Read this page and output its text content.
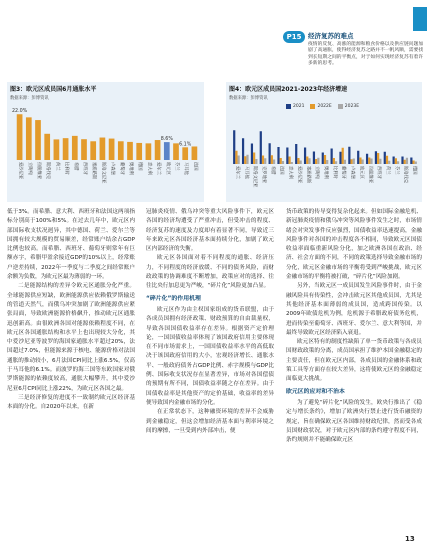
P15	经济复苏的难点
疫情的反复、高涨的能源和粮食价格以及供应链问题加剧了高通胀，使得经济复苏之路并不一帆风顺，需要找到长短期之间的平衡点，对于如何实现经济复苏有着许多新的思考。
图3：欧元区成员国6月通胀水平
数据来源：彭博资讯
爱沙尼亚 立陶宛 拉脱维亚 斯洛伐克 荷兰 比利时 希腊 西班牙 塞浦路斯 斯洛文尼亚 卢森堡 葡萄牙 奥地利 德国 意大利 爱尔兰 欧元区 芬兰 马耳他 法国
22.0%
8.6%
6.1%
图4：欧元区成员国2021-2023年经济增速
数据来源：彭博资讯
2021	2022E	2023E
爱尔兰 马耳他 斯洛文尼亚 克罗地亚 希腊 法国 意大利 爱沙尼亚 塞浦路斯 立陶宛 奥地利 比利时 葡萄牙 卢森堡 欧元区 拉脱维亚 西班牙 荷兰 芬兰 斯洛伐克 德国

低于3%。而希腊、意大利、西班牙和法国这两项指标分别高于100%和5%。在过去几年中，欧元区内部国际收支状况迥异，其中德国、荷兰、爱尔兰等国拥有较大规模的贸易顺差，经常账户结余占GDP比例也较高。而希腊、西班牙、葡萄牙则常年有巨额赤字，希腊甲盈余接近GDP的10%以上，经常账户逆差持续，2022年一季度与二季度之间经常账户余额为负数，为欧元区最为薄弱的一环。

二是能源结构的差异令欧元区通胀分化严重。全球能源供应短缺，欧洲能源供应依赖俄罗斯输送的管道天然气，而俄乌冲突加剧了欧洲能源供应紧张局面，导致欧洲能源价格飙升，推动欧元区通胀迅创新高。由很欧洲各国对能源依赖程度不同，在欧元区各国通胀结构和水平上也出现较大分化，其中爱沙尼亚等波罗的海国家通胀水平超过20%，法国超过7.0%，但能源来源于核电、能源价格对法国通胀的推动较小，6月法国CPI同比上涨6.5%，仅高于马耳他的6.1%。而波罗的海三国等东欧国家对俄罗斯能源的依赖度较高，通胀大幅攀升，其中爱沙尼亚6月CPI同比上涨22%，为欧元区各国之最。

三是经济修复的进度不一致制约欧元区经济基本面的分化。自2020年以来，在新

冠肺炎疫情、俄乌冲突等重大风险事件下，欧元区各国的经济均遭受了严重冲击，但受冲击的程度、经济复苏的速度及力度却有着显著不同，导致近三年来欧元区各国经济基本面持续分化，加剧了欧元区内部经济的失衡。

欧元区各国面对着不同程度的通胀、经济压力，不同程度的经济放缓、不同的债务风险，而财政政策的协调难度不断增加，政策应对的选择、往往比央行加息更为严峻，“碎片化”风险更加凸显。

“碎片化”的作用机理

欧元区作为由主权国家组成的货币联盟，由于各成员国拥有经济政策、财政预算的自由裁量权，导致各国国债收益率存在差异。根据资产定价理论，一国国债收益率体现了该国政府信用主要体现在不同市场需求上，一国国债收益率水平的高低取决于该国政府信用的大小，宏观经济增长、通胀水平、一般政府债务占GDP比例、赤字规模与GDP比例、国际收支状况存在显著差异，市场对各国偿债的预期有所不同，国债收益率随之存在差异。由于国债收益率是其他资产的定价基础，收益率的差异便导致国内金融市场的分化。

在正常状态下，这种融资环境的差异不会威胁到金融稳定，但这会增加经济基本面与利率环境之间的摩擦，一旦受到内外部冲击，便

货币政策的传导变得复杂化起来。但如国际金融危机、新冠肺炎疫情和俄乌冲突等风险事件发生之时，市场情绪会对突发事件反应强烈，国债收益率迅速提高，金融风险事件对各国的冲击程度各不相同，导致欧元区国债收益率面临重新风险分化，加之欧洲各国在政治、经济、社会方面的不同，不同的政策选择导致金融市场的分化，欧元区金融市场的平衡将受到严峻挑战，欧元区金融市场的平衡将被打破，“碎片化”风险加剧。

另外，当欧元区一成员国发生风险事件时，由于金融风险具有传染性，会冲击欧元区其他成员国，尤其是其他经济基本面薄弱的成员国，造成跨国传染。以2009年欧债危机为例，危机源于希腊政府债务危机，进而传染至葡萄牙、西班牙、爱尔兰、意大利等国，并最终导致欧元区经济陷入衰退。

欧元区特有的制度性缺陷了单一货币政策与各成员国财政政策的分离，成员国承担了维护本国金融稳定的主要责任，但在欧元区内部，各成员国的金融体系和政策工具等方面存在较大差异，这将使欧元区的金融稳定面临更大挑战。

欧元区的应对和不治本

为了避免“碎片化”风险的发生，欧央行推出了《稳定与增长条约》，增加了欧洲央行禁止进行货币融资的规定，旨在确保欧元区各国维持财政纪律，然而受各成员国财政状况，对于欧元区内部的条约遵守程度不同，条约规则并不能确保欧元区

13
